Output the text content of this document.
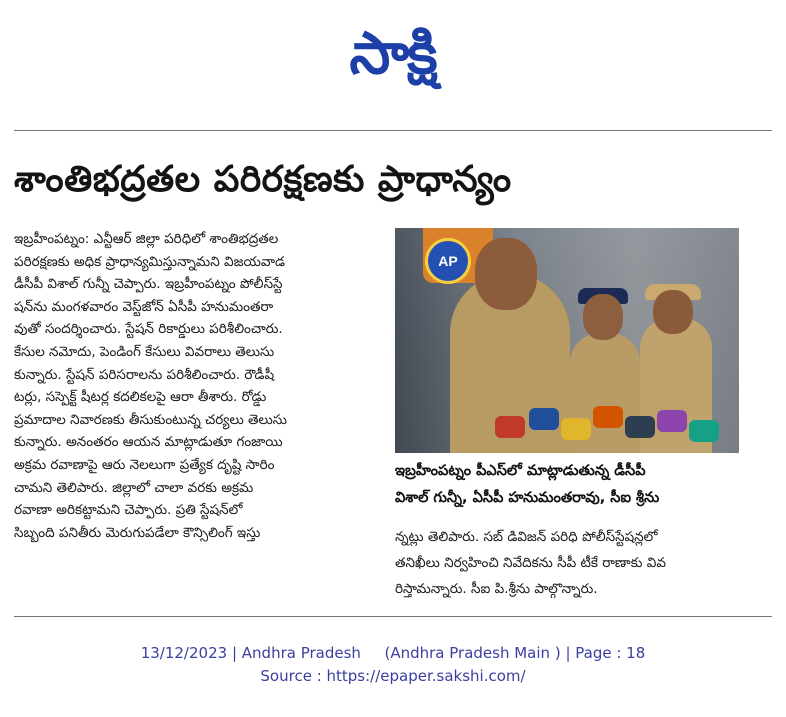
సాక్షి
శాంతిభద్రతల పరిరక్షణకు ప్రాధాన్యం
ఇబ్రహీంపట్నం: ఎన్టీఆర్ జిల్లా పరిధిలో శాంతిభద్రతల
పరిరక్షణకు అధిక ప్రాధాన్యమిస్తున్నామని విజయవాడ
డీసీపీ విశాల్ గున్నీ చెప్పారు. ఇబ్రహీంపట్నం పోలీస్‌స్టే
షన్‌ను మంగళవారం వెస్ట్‌జోన్ ఏసీపీ హనుమంతరా
వుతో సందర్శించారు. స్టేషన్ రికార్డులు పరిశీలించారు.
కేసుల నమోదు, పెండింగ్ కేసులు వివరాలు తెలుసు
కున్నారు. స్టేషన్ పరిసరాలను పరిశీలించారు. రౌడీషీ
టర్లు, సస్పెక్ట్ షీటర్ల కదలికలపై ఆరా తీశారు. రోడ్డు
ప్రమాదాల నివారణకు తీసుకుంటున్న చర్యలు తెలుసు
కున్నారు. అనంతరం ఆయన మాట్లాడుతూ గంజాయి
అక్రమ రవాణాపై ఆరు నెలలుగా ప్రత్యేక దృష్టి సారిం
చామని తెలిపారు. జిల్లాలో చాలా వరకు అక్రమ
రవాణా అరికట్టామని చెప్పారు. ప్రతి స్టేషన్‌లో
సిబ్బంది పనితీరు మెరుగుపడేలా కౌన్సిలింగ్ ఇస్తు
AP
ఇబ్రహీంపట్నం పీఎస్‌లో మాట్లాడుతున్న డీసీపీ
విశాల్ గున్నీ, ఏసీపీ హనుమంతరావు, సీఐ శ్రీను
న్నట్లు తెలిపారు. సబ్ డివిజన్ పరిధి పోలీస్‌స్టేషన్లలో
తనిఖీలు నిర్వహించి నివేదికను సీపీ టీకే రాణాకు వివ
రిస్తామన్నారు. సీఐ పి.శ్రీను పాల్గొన్నారు.
13/12/2023 | Andhra Pradesh (Andhra Pradesh Main ) | Page : 18
Source : https://epaper.sakshi.com/
